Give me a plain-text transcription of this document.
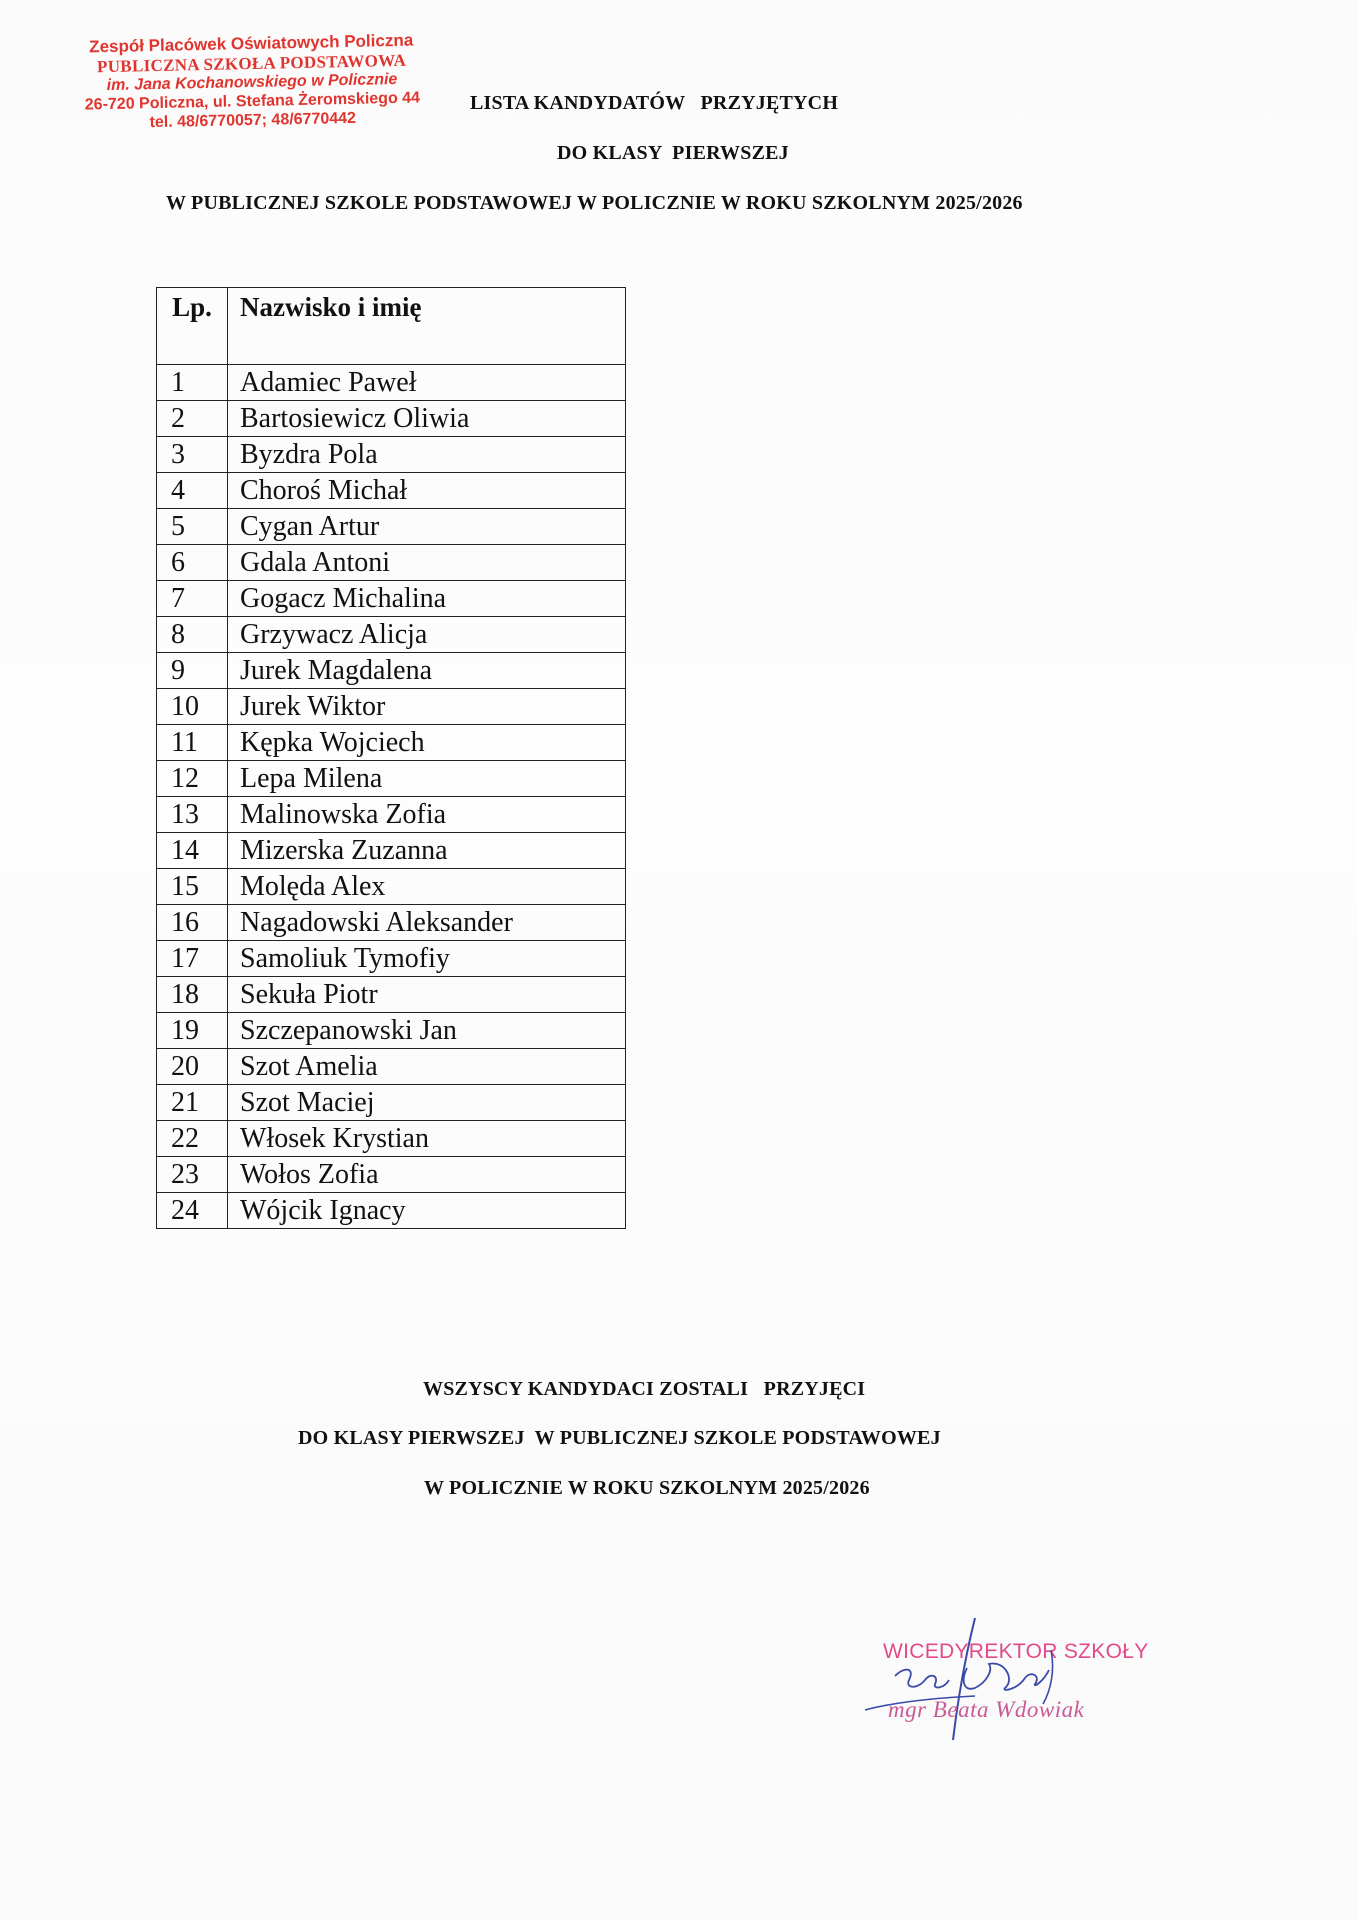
Zespół Placówek Oświatowych Policzna
PUBLICZNA SZKOŁA PODSTAWOWA
im. Jana Kochanowskiego w Policznie
26-720 Policzna, ul. Stefana Żeromskiego 44
tel. 48/6770057; 48/6770442
LISTA KANDYDATÓW   PRZYJĘTYCH
DO KLASY  PIERWSZEJ
W PUBLICZNEJ SZKOLE PODSTAWOWEJ W POLICZNIE W ROKU SZKOLNYM 2025/2026
Lp.	Nazwisko i imię
1	Adamiec Paweł
2	Bartosiewicz Oliwia
3	Byzdra Pola
4	Choroś Michał
5	Cygan Artur
6	Gdala Antoni
7	Gogacz Michalina
8	Grzywacz Alicja
9	Jurek Magdalena
10	Jurek Wiktor
11	Kępka Wojciech
12	Lepa Milena
13	Malinowska Zofia
14	Mizerska Zuzanna
15	Molęda Alex
16	Nagadowski Aleksander
17	Samoliuk Tymofiy
18	Sekuła Piotr
19	Szczepanowski Jan
20	Szot Amelia
21	Szot Maciej
22	Włosek Krystian
23	Wołos Zofia
24	Wójcik Ignacy
WSZYSCY KANDYDACI ZOSTALI   PRZYJĘCI
DO KLASY PIERWSZEJ  W PUBLICZNEJ SZKOLE PODSTAWOWEJ
W POLICZNIE W ROKU SZKOLNYM 2025/2026
WICEDYREKTOR SZKOŁY
mgr Beata Wdowiak
